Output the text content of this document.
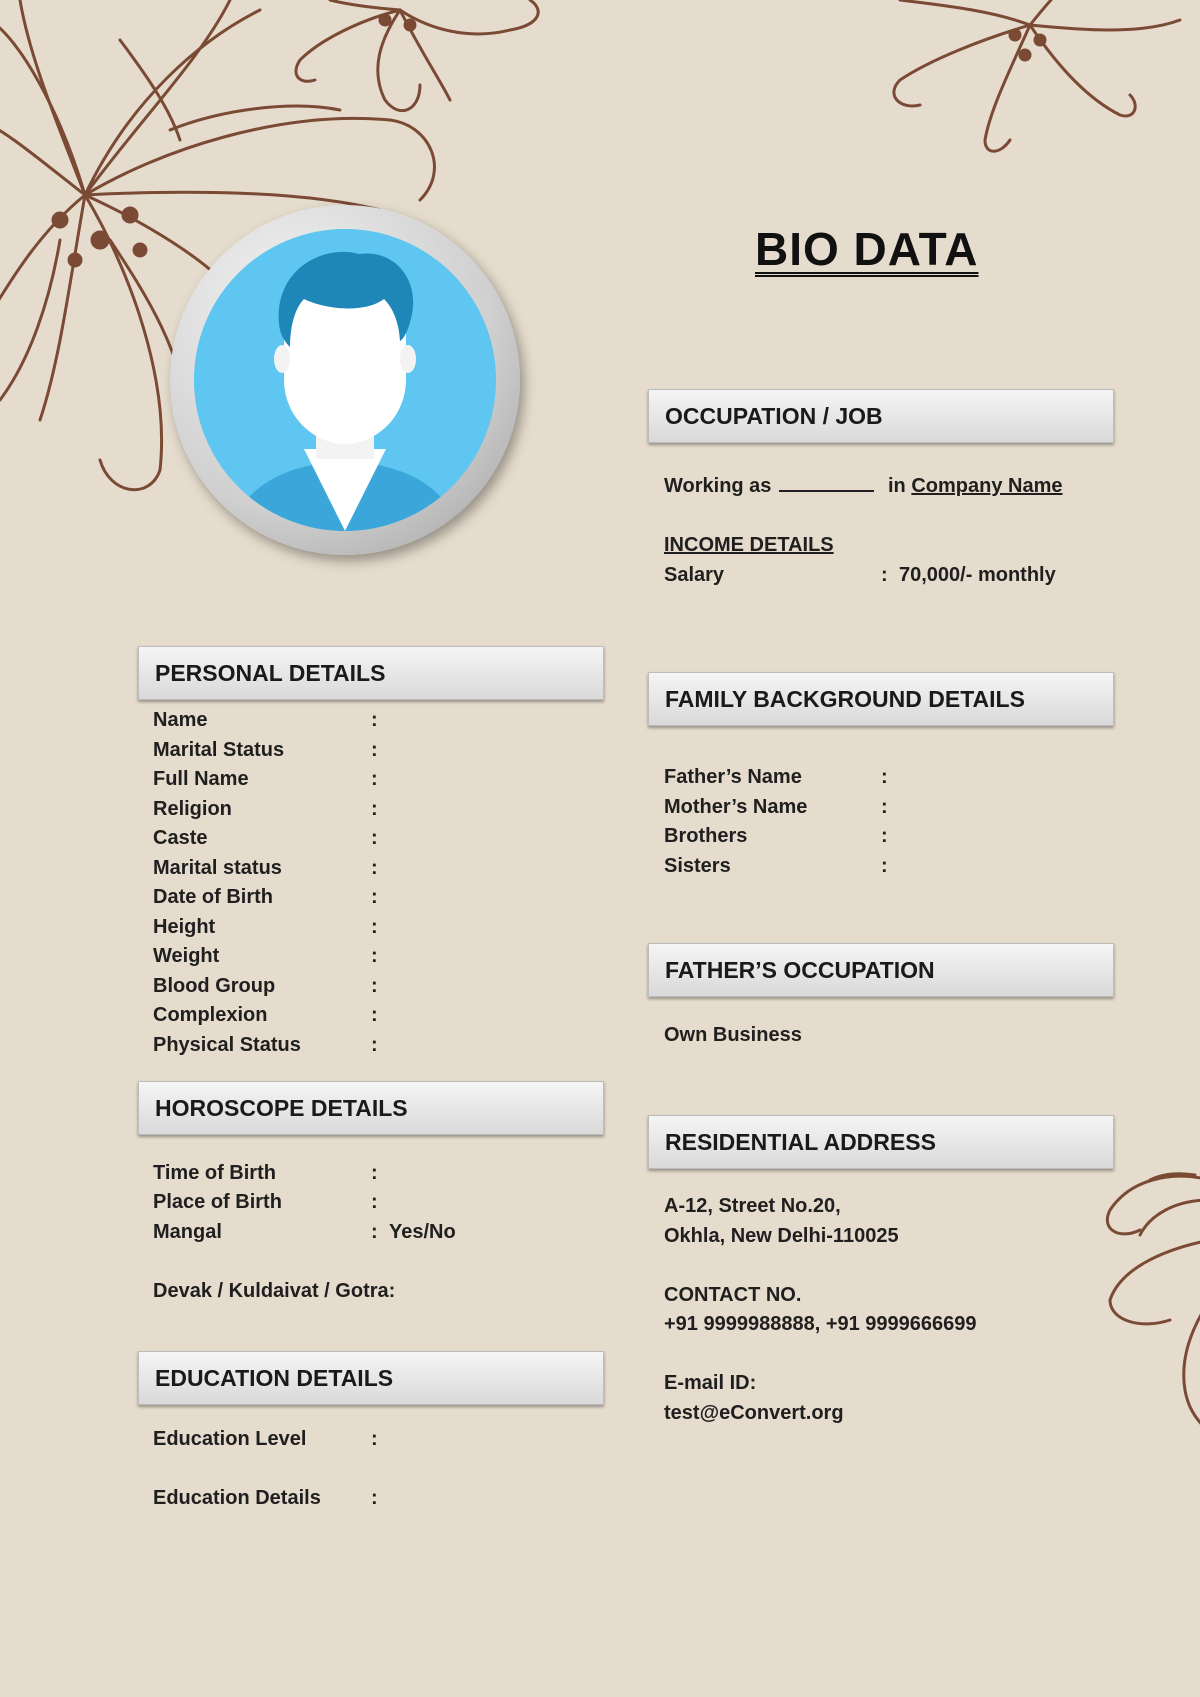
BIO DATA
OCCUPATION / JOB
Working as	in Company Name
INCOME DETAILS
Salary	: 70,000/- monthly
PERSONAL DETAILS
Name	:
Marital Status	:
Full Name	:
Religion	:
Caste	:
Marital status	:
Date of Birth	:
Height	:
Weight	:
Blood Group	:
Complexion	:
Physical Status	:
FAMILY BACKGROUND DETAILS
Father’s Name	:
Mother’s Name	:
Brothers	:
Sisters	:
FATHER’S OCCUPATION
Own Business
HOROSCOPE DETAILS
Time of Birth	:
Place of Birth	:
Mangal	: Yes/No
Devak / Kuldaivat / Gotra:
RESIDENTIAL ADDRESS
A-12, Street No.20,
Okhla, New Delhi-110025
CONTACT NO.
+91 9999988888, +91 9999666699
E-mail ID:
test@eConvert.org
EDUCATION DETAILS
Education Level	:
Education Details	:
